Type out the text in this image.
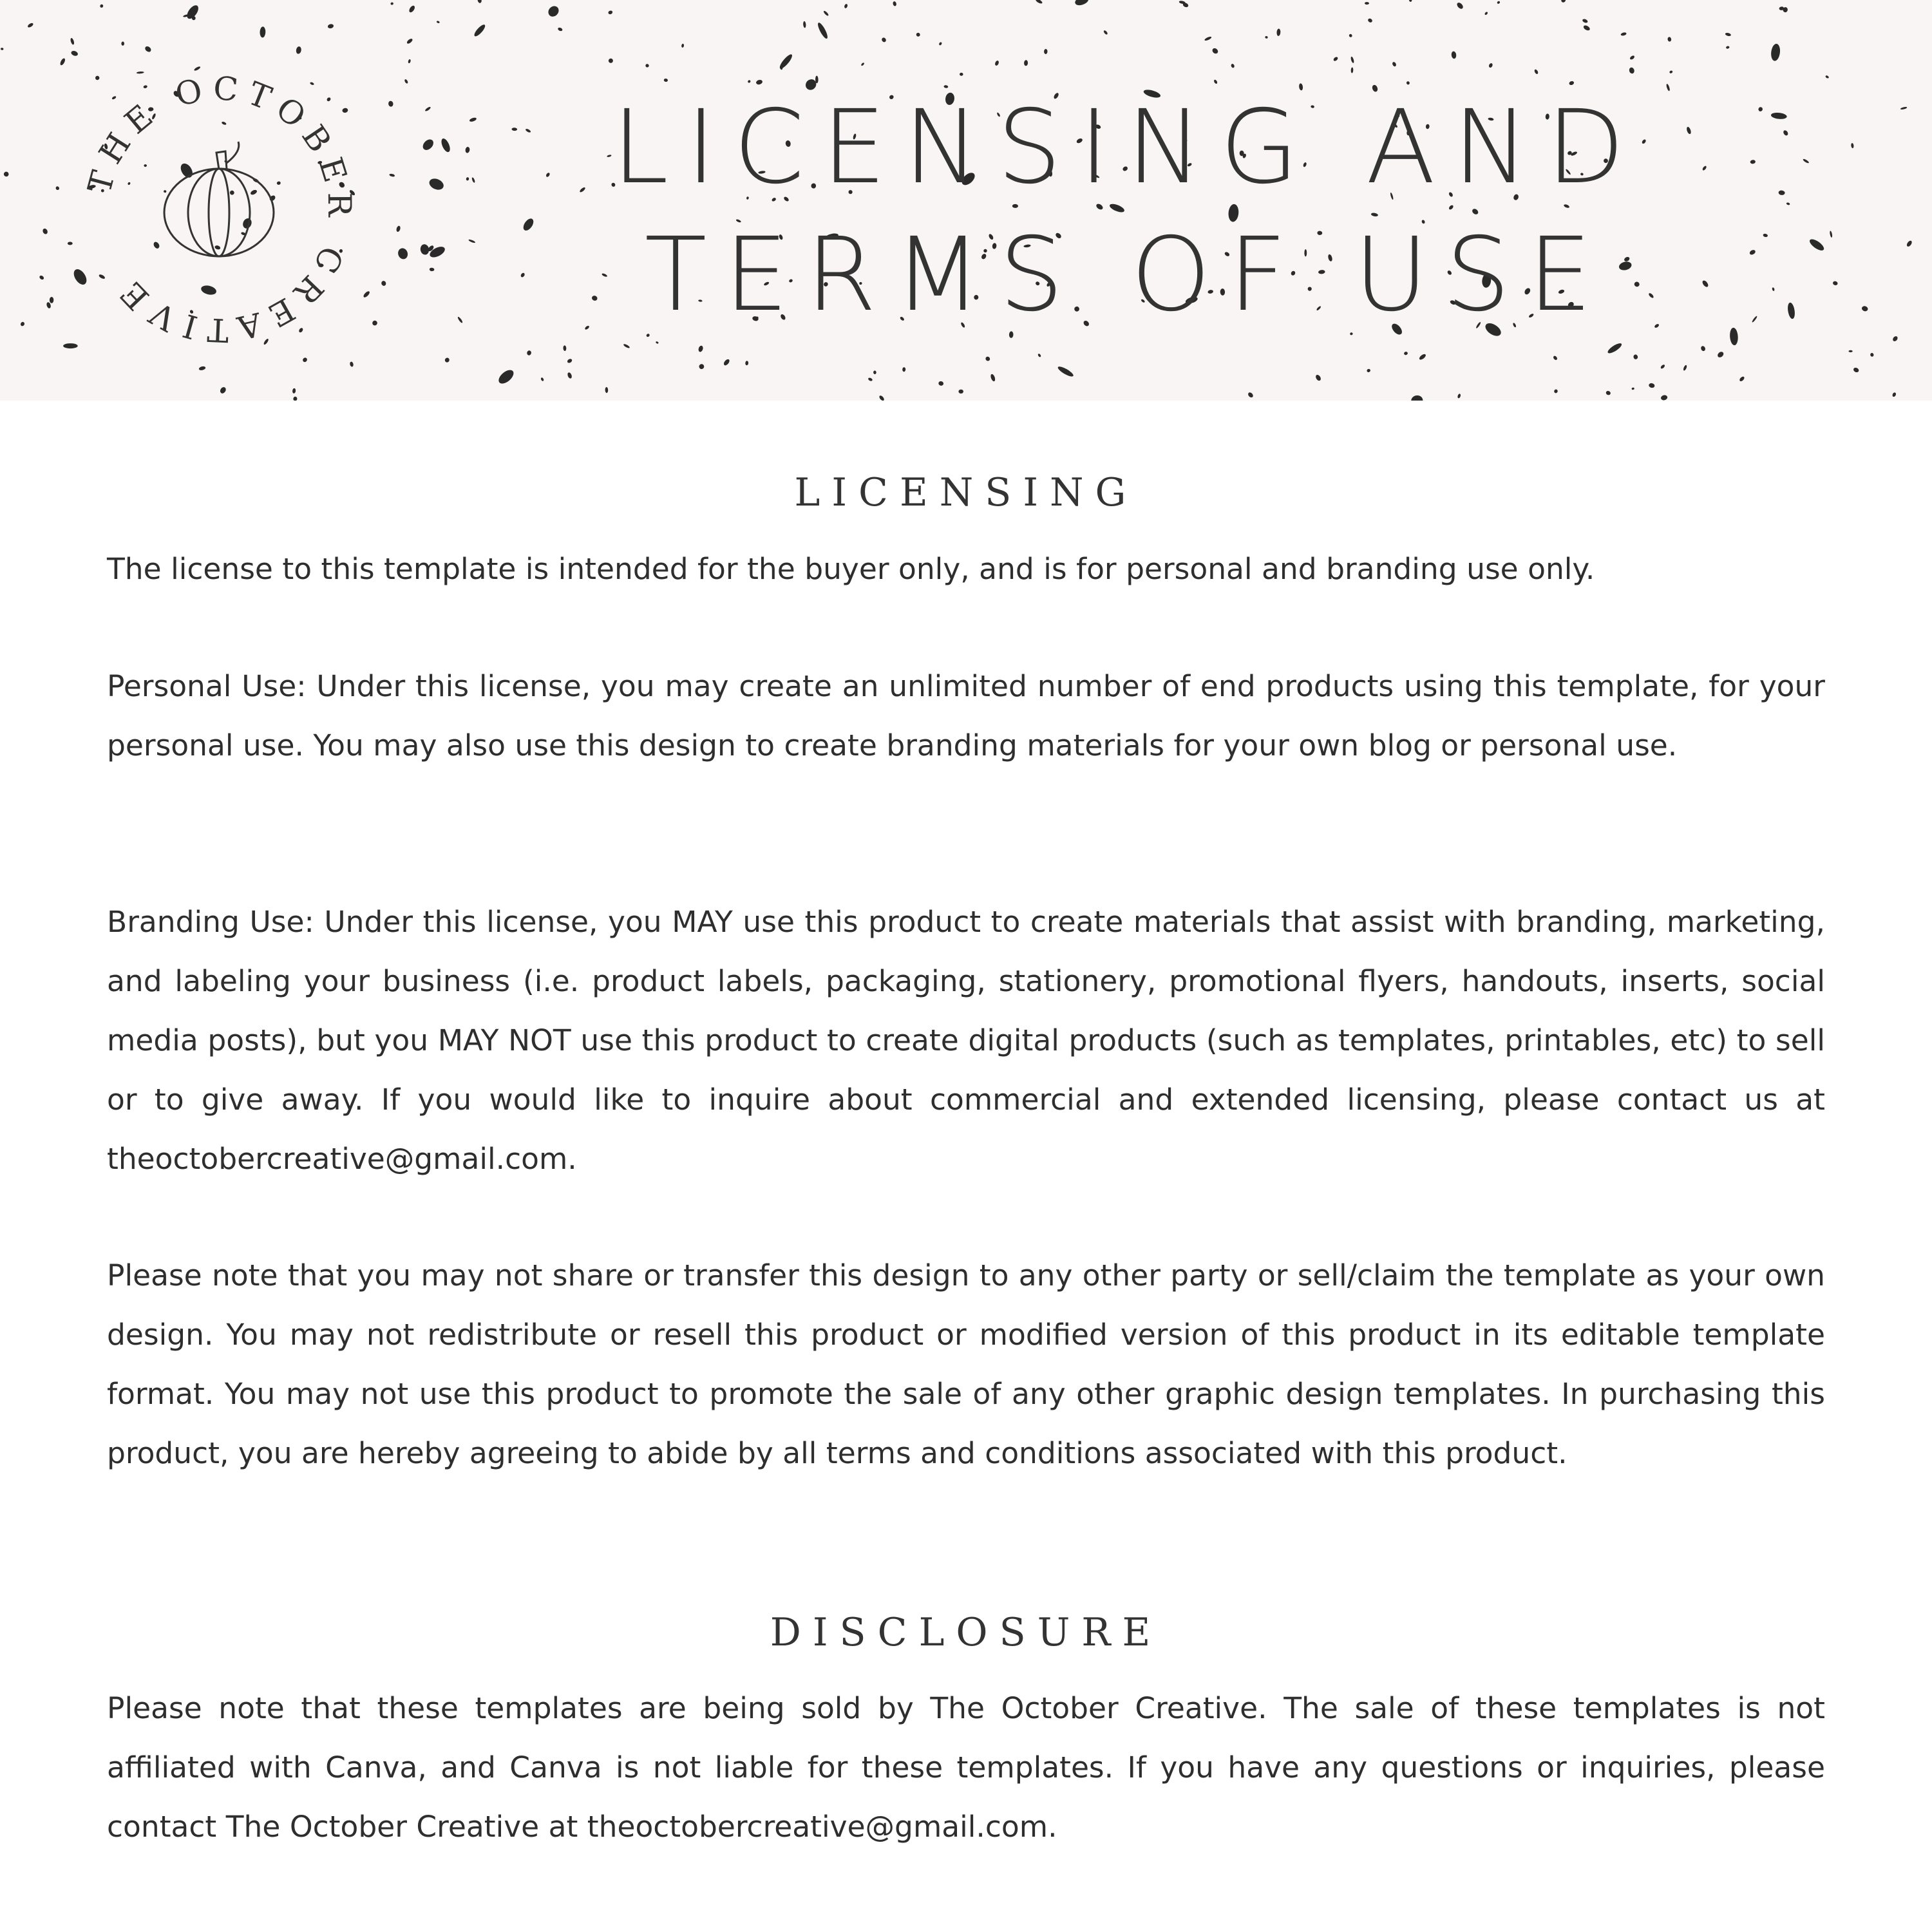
THE OCTOBER CREATIVE
LICENSING AND
TERMS OF USE
LICENSING

The license to this template is intended for the buyer only, and is for personal and branding use only.

Personal Use: Under this license, you may create an unlimited number of end products using this template, for your personal use. You may also use this design to create branding materials for your own blog or personal use.

Branding Use: Under this license, you MAY use this product to create materials that assist with branding, marketing, and labeling your business (i.e. product labels, packaging, stationery, promotional flyers, handouts, inserts, social media posts), but you MAY NOT use this product to create digital products (such as templates, printables, etc) to sell or to give away. If you would like to inquire about commercial and extended licensing, please contact us at theoctobercreative@gmail.com.

Please note that you may not share or transfer this design to any other party or sell/claim the template as your own design. You may not redistribute or resell this product or modified version of this product in its editable template format. You may not use this product to promote the sale of any other graphic design templates. In purchasing this product, you are hereby agreeing to abide by all terms and conditions associated with this product.

DISCLOSURE

Please note that these templates are being sold by The October Creative. The sale of these templates is not affiliated with Canva, and Canva is not liable for these templates. If you have any questions or inquiries, please contact The October Creative at theoctobercreative@gmail.com.
